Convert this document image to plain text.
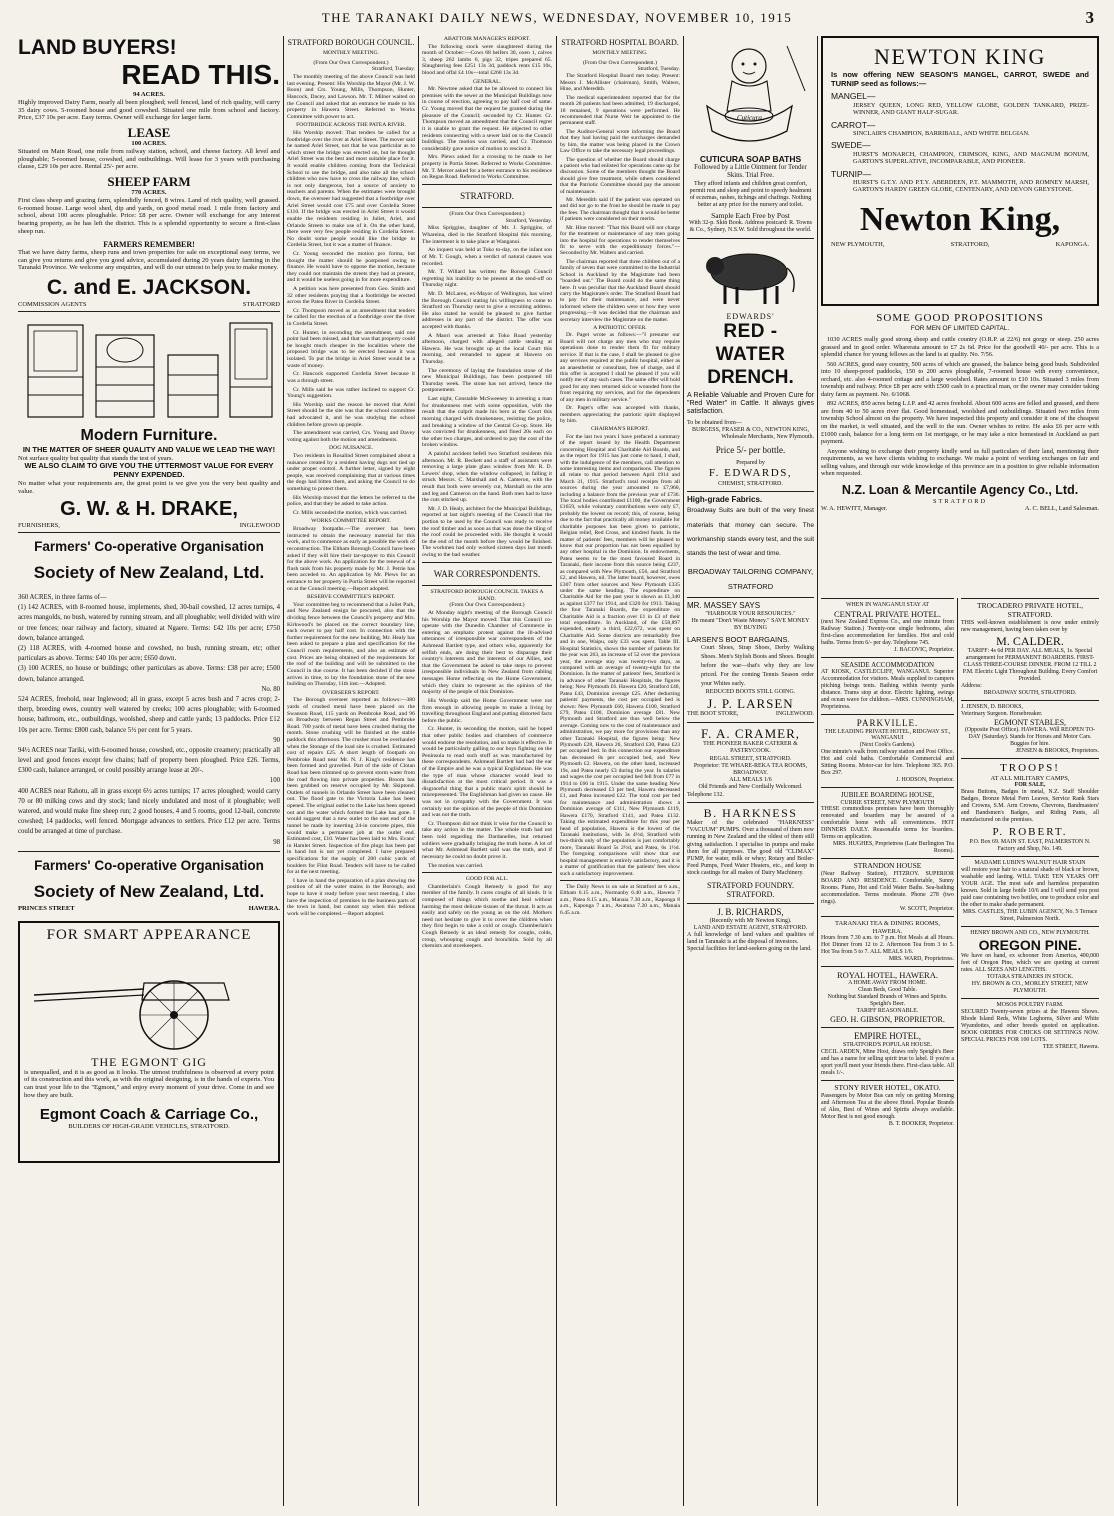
THE TARANAKI DAILY NEWS, WEDNESDAY, NOVEMBER 10, 1915	3
LAND BUYERS!
READ THIS.
94 ACRES.
Highly improved Dairy Farm, nearly all been ploughed; well fenced, land of rich quality, will carry 35 dairy cows. 5-roomed house and good cowshed. Situated one mile from school and factory. Price, £37 10s per acre. Easy terms. Owner will exchange for larger farm.
LEASE
100 ACRES.
Situated on Main Road, one mile from railway station, school, and cheese factory. All level and ploughable; 5-roomed house, cowshed, and outbuildings. Will lease for 3 years with purchasing clause, £29 10s per acre. Rental 25/- per acre.
SHEEP FARM
770 ACRES.
First class sheep and grazing farm, splendidly fenced, 8 wires. Land of rich quality, well grassed. 6-roomed house. Large wool shed, dip and yards, on good metal road. 1 mile from factory and school, about 100 acres ploughable. Price: £8 per acre. Owner will exchange for any interest bearing property, as he has left the district. This is a splendid opportunity to secure a first-class sheep run.
FARMERS REMEMBER!
That we have dairy farms, sheep runs and town properties for sale on exceptional easy terms, we can give you returns and give you good advice, accumulated during 20 years dairy farming in the Taranaki Province. We welcome any enquiries, and will do our utmost to help you to make money.
C. and E. JACKSON.
COMMISSION AGENTS	STRATFORD
Modern Furniture.
IN THE MATTER OF SHEER QUALITY AND VALUE WE LEAD THE WAY!
Not surface quality but quality that stands the test of years.
WE ALSO CLAIM TO GIVE YOU THE UTTERMOST VALUE FOR EVERY PENNY EXPENDED.
No matter what your requirements are, the great point is we give you the very best quality and value.
G. W. & H. DRAKE,
FURNISHERS,	INGLEWOOD
Farmers' Co-operative Organisation
Society of New Zealand, Ltd.
360 ACRES, in three farms of—
(1) 142 ACRES, with 8-roomed house, implements, shed, 30-bail cowshed, 12 acres turnips, 4 acres mangolds, no bush, watered by running stream, and all ploughable; well divided with wire or tree fences; near railway and factory, situated at Ngaere. Terms: £42 10s per acre; £750 down, balance arranged.
(2) 118 ACRES, with 4-roomed house and cowshed, no bush, running stream, etc; other particulars as above. Terms: £40 10s per acre; £650 down.
(3) 100 ACRES, no house or buildings; other particulars as above. Terms: £38 per acre; £500 down, balance arranged.
No. 80
524 ACRES, freehold, near Inglewood; all in grass, except 5 acres bush and 7 acres crop; 2-therp, breeding ewes, country well watered by creeks; 100 acres ploughable; with 6-roomed house, bathroom, etc., outbuildings, woolshed, sheep and cattle yards; 13 paddocks. Price £12 10s per acre. Terms: £800 cash, balance 5½ per cent for 5 years.
90
94½ ACRES near Tariki, with 6-roomed house, cowshed, etc., opposite creamery; practically all level and good fences except few chains; half of property been ploughed. Price £26. Terms, £300 cash, balance arranged, or could possibly arrange lease at 20/-.
100
400 ACRES near Rahotu, all in grass except 6½ acres turnips; 17 acres ploughed; would carry 70 or 80 milking cows and dry stock; land nicely undulated and most of it ploughable; well watered, and would make fine sheep run; 2 good houses, 4 and 5 rooms, good 12-bail, concrete cowshed; 14 paddocks, well fenced. Mortgage advances to settlers. Price £12 per acre. Terms could be arranged at time of purchase.
98
Farmers' Co-operative Organisation
Society of New Zealand, Ltd.
PRINCES STREET	HAWERA.
FOR SMART APPEARANCE
THE EGMONT GIG
is unequalled, and it is as good as it looks. The utmost truthfulness is observed at every point of its construction and this work, as with the original designing, is in the hands of experts. You can trust your life to the "Egmont," and enjoy every moment of your drive. Come in and see how they are built.
Egmont Coach & Carriage Co.,
BUILDERS OF HIGH-GRADE VEHICLES, STRATFORD.
STRATFORD BOROUGH COUNCIL.
MONTHLY MEETING.
(From Our Own Correspondent.)
Stratford, Tuesday.

The monthly meeting of the above Council was held last evening. Present: His Worship the Mayor (Mr. J. W. Boon) and Crs. Young, Mills, Thompson, Hunter, Hancock, Dacey, and Lawson. Mr. T. Milner waited on the Council and asked that an entrance be made to his property in Hawera Street. Referred to Works Committee with power to act.

FOOTBRIDGE ACROSS THE PATEA RIVER.

His Worship moved: That tenders be called for a footbridge over the river at Ariel Street. The mover said he named Ariel Street, not that he was particular as to which street the bridge was erected on, but he thought Ariel Street was the best and most suitable place for it. It would enable children coming from the Technical School to use the bridge, and also take all the school children who now have to cross the railway line, which is not only dangerous, but a source of anxiety to teachers and parents. When the estimates were brought down, the overseer had suggested that a footbridge over Ariel Street would cost £75 and over Cordelia Street £110. If the bridge was erected in Ariel Street it would enable the residents residing in Juliet, Ariel, and Orlando Streets to make use of it. On the other hand, there were very few people residing in Cordelia Street. No doubt some people would like the bridge in Cordelia Street, but it was a matter of finance.

Cr. Young seconded the motion pro forma, but thought the matter should be postponed owing to finance. He would have to oppose the motion, because they could not maintain the streets they had at present, and it would be useless going in for more expenditure.

A petition was here presented from Geo. Smith and 32 other residents praying that a footbridge be erected across the Patea River in Cordelia Street.

Cr. Thompson moved as an amendment that tenders be called for the erection of a footbridge over the river in Cordelia Street.

Cr. Hunter, in seconding the amendment, said one point had been missed, and that was that property could be bought much cheaper in the localities where the proposed bridge was to be erected because it was isolated. To put the bridge in Ariel Street would be a waste of money.

Cr. Hancock supported Cordelia Street because it was a through street.

Cr. Mills said he was rather inclined to support Cr. Young's suggestion.

His Worship said the reason he moved that Ariel Street should be the site was that the school committee had advocated it, and he was studying the school children before grown up people.

The amendment was carried, Crs. Young and Davey voting against both the motion and amendments.

DOG NUISANCE.

Two residents in Rosalind Street complained about a nuisance created by a resident having dogs not tied up under proper control. A further letter, signed by eight people, was received complaining that at various times the dogs had bitten them, and asking the Council to do something to protect them.

His Worship moved that the letters be referred to the police, and that they be asked to take action.

Cr. Mills seconded the motion, which was carried.

WORKS COMMITTEE REPORT.

Broadway footpaths.—The overseer has been instructed to obtain the necessary material for this work, and to commence as early as possible the work of reconstruction. The Eltham Borough Council have been asked if they will hire their tar-sprayer to this Council for the above work. An application for the renewal of a flush tank from his property made by Mr. J. Petrie has been acceded to. An application by Mr. Plews for an entrance to her property in Portia Street will be reported on at the Council meeting.—Report adopted.

RESERVE COMMITTEE'S REPORT.

Your committee beg to recommend that a Juliet Park, and New Zealand ensign be procured, also that the dividing fence between the Council's property and Mrs. Kirkwood's be placed on the correct boundary line, each owner to pay half cost. In connection with the further requirement for the new building, Mr. Healy has been asked to prepare a plan and specification for the Council room requirements, and also an estimate of cost. Prices are being obtained of the requirements for the roof of the building and will be submitted to the Council in due course. It has been decided if the stone arrives in time, to lay the foundation stone of the new building on Thursday, 11th inst.—Adopted.

OVERSEER'S REPORT.

The Borough overseer reported as follows:—380 yards of crushed metal have been placed on the Swanson Road, 115 yards on Pembroke Road, and 96 on Broadway between Regan Street and Pembroke Road. 700 yards of metal have been crushed during the month. Stone crushing will be finished at the stable paddock this afternoon. The crusher must be overhauled when the Stonage of the load site is crushed. Estimated cost of repairs £25. A short length of footpath on Pembroke Road near Mr. N. J. King's residence has been formed and gravelled. Part of the side of Clotan Road has been trimmed up to prevent storm water from the road flowing into private properties. Broom has been grubbed on reserve occupied by Mr. Skiptond. Outlets of tunnels in Orlando Street have been cleaned out. The flood gate to the Victoria Lake has been opened. The original outlet to the Lake has been opened out and the water which formed the Lake has gone. I would suggest that a new outlet to the east end of the tunnel be made by inserting 24-in concrete pipes, this would make a permanent job at the outlet end. Estimated cost, £10. Water has been laid to Mrs. Evans' in Hamlet Street. Inspection of fire plugs has been put in hand but is not yet completed. I have prepared specifications for the supply of 200 cubic yards of boulders for Flint Road. Tenders will have to be called for at the next meeting.

I have in hand the preparation of a plan showing the position of all the water mains in the Borough, and hope to have it ready before your next meeting. I also have the inspection of premises in the business parts of the town in hand, but cannot say when this tedious work will be completed.—Report adopted.

ABATTOIR MANAGER'S REPORT.

The following stock were slaughtered during the month of October:—Cows 68 heifers 30, oxen 1, calves 3, sheep 262 lambs 6, pigs 32, tripes prepared 65. Slaughtering fees £251 13s 3d, paddock rents £15 10s, blood and offal £4 10s—total £268 13s 3d.

GENERAL.

Mr. Newtree asked that he be allowed to connect his premises with the sewer at the Municipal Buildings now in course of erection, agreeing to pay half cost of same. Cr. Young moved that the request be granted during the pleasure of the Council; seconded by Cr. Hunter. Cr. Thompson moved an amendment that the Council regret it is unable to grant the request. He objected to other residents connecting with a sewer laid on to the Council buildings. The motion was carried, and Cr. Thomson considerably gave notice of motion to rescind it.

Mrs. Plews asked for a crossing to be made to her property in Portia Street. Referred to Works Committee. Mr. T. Mercer asked for a better entrance to his residence on Regan Road. Referred to Works Committee.

STRATFORD.
(From Our Own Correspondent.)
Stratford, Yesterday.

Miss Spriggins, daughter of Mr. J. Spriggins, of Whareina, died in the Stratford Hospital this morning. The interment is to take place at Wanganui.

An inquest was held at Toko to-day, on the infant son of Mr. T. Gough, when a verdict of natural causes was recorded.

Mr. T. Willard has written the Borough Council regretting his inability to be present at the send-off on Thursday night.

Mr. D. McLaren, ex-Mayor of Wellington, has wired the Borough Council stating his willingness to come to Stratford on Thursday next to give a recruiting address. He also stated he would be pleased to give further addresses in any part of the district. The offer was accepted with thanks.

A Maori was arrested at Toko Road yesterday afternoon, charged with alleged cattle stealing at Hawera. He was brought up at the local Court this morning, and remanded to appear at Hawera on Thursday.

The ceremony of laying the foundation stone of the new Municipal Buildings, has been postponed till Thursday week. The stone has not arrived, hence the postponement.

Last night, Constable McSweeney in arresting a man for drunkenness met with some opposition, with the result that the culprit made his hero at the Court this morning charged with drunkenness, resisting the police, and breaking a window of the Central Co-op. Store. He was convicted for drunkenness, and fined 20s each on the other two charges, and ordered to pay the cost of the broken window.

A painful accident befell two Stratford residents this afternoon. Mr. R. Beckett and a staff of assistants were removing a large plate glass window from Mr. R. D. Lewers' shop, when the window collapsed, in falling it struck Messrs. C. Marshall and A. Cameron, with the result that both were severely cut, Marshall on the arm and leg and Cameron on the hand. Both men had to have the cuts stitched up.

Mr. J. D. Healy, architect for the Municipal Buildings, reported at last night's meeting of the Council that the portion to be used by the Council was ready to receive the roof timber and as soon as that was done the tiling of the roof could be proceeded with. He thought it would be the end of the month before they would be finished. The workmen had only worked sixteen days last month owing to the bad weather.

WAR CORRESPONDENTS.
STRATFORD BOROUGH COUNCIL TAKES A HAND.
(From Our Own Correspondent.)

At Monday night's meeting of the Borough Council his Worship the Mayor moved: That this Council co-operate with the Dunedin Chamber of Commerce in entering an emphatic protest against the ill-advised utterances of irresponsible war correspondents of the Ashmead Bartlett type, and others who, apparently for selfish ends, are doing their best to disparage their country's interests and the interests of our Allies, and that the Government be asked to take steps to prevent irresponsible individuals in New Zealand from cabling messages Home reflecting on the Home Government, which they claim to represent as the opinion of the majority of the people of this Dominion.

His Worship said the Home Government were not firm enough in allowing people to make a living by travelling throughout England and putting distorted facts before the public.

Cr. Hunter, in seconding the motion, said he hoped that other public bodies and chambers of commerce would endorse the resolution, and so make it effective. It would be particularly galling to our boys fighting on the Peninsula to read such stuff as was manufactured by these correspondents. Ashmead Bartlett had had the ear of the Empire and he was a typical Englishman. He was the type of man whose character would lead to dissatisfaction at the most critical period. It was a disgraceful thing that a public man's spirit should be misrepresented. The Englishman had given no cause. He was not in sympathy with the Government. It was certainly not the opinion of the people of this Dominion and was not the truth.

Cr. Thompson did not think it wise for the Council to take any action in the matter. The whole truth had not been told regarding the Dardanelles, but returned soldiers were gradually bringing the truth home. A lot of what Mr. Ashmead Bartlett said was the truth, and if necessary he could no doubt prove it.

The motion was carried.

GOOD FOR ALL.

Chamberlain's Cough Remedy is good for any member of the family. It cures coughs of all kinds. It is composed of things which soothe and heal without harming the most delicate tissues of the throat. It acts as easily and safely on the young as on the old. Mothers need not hesitate to give it to cover the children when they first begin to take a cold or cough. Chamberlain's Cough Remedy is an ideal remedy for coughs, colds, croup, whooping cough and bronchitis. Sold by all chemists and storekeepers.

STRATFORD HOSPITAL BOARD.
MONTHLY MEETING.
(From Our Own Correspondent.)
Stratford, Tuesday.

The Stratford Hospital Board met today. Present: Messrs J. McAllister (chairman), Smith, Walters, Hine, and Meredith.

The medical superintendent reported that for the month 28 patients had been admitted, 19 discharged, 18 remained, 9 operations were performed. He recommended that Nurse Weir be appointed to the permanent staff.

The Auditor-General wrote informing the Board that they had having paid the surcharges demanded by him, the matter was being placed in the Crown Law Office to take the necessary legal proceedings.

The question of whether the Board should charge a patient who had enlisted for operations came up for discussion. Some of the members thought the Board should give free treatment, while others considered that the Patriotic Committee should pay the amount of maintenance.

Mr. Meredith said if the patient was operated on and did not go to the front he should be made to pay the fees. The chairman thought that it would be better if patients were considered on their merits.

Mr. Hine moved: "That this Board will not charge for the treatment or maintenance of any men going into the hospital for operations to render themselves fit to serve with the expeditionary forces."—Seconded by Mr. Walters and carried.

The chairman reported that three children out of a family of seven that were committed to the Industrial School in Auckland by the Magistrate had been "boarded out." The Board could do the same thing here. It was peculiar that the Auckland Board should carry the Magistrate's order. The Stratford Board had to pay for their maintenance, and were never informed where the children were or how they were progressing.—It was decided that the chairman and secretary interview the Magistrate on the matter.

A PATRIOTIC OFFER.

Dr. Paget wrote as follows:—"I presume our Board will not charge any men who may require operations done to render them fit for military service. If that is the case, I shall be pleased to give any services required at the public hospital, either as an anaesthetist or consultant, free of charge, and if this offer is accepted I shall be pleased if you will notify me of any such cases. The same offer will hold good for any men returned sick or wounded from the front requiring my services, and for the dependents of any men in military service."

Dr. Paget's offer was accepted with thanks, members appreciating the patriotic spirit displayed by him.

CHAIRMAN'S REPORT.

For the last two years I have prefaced a summary of the report issued by the Health Department concerning Hospital and Charitable Aid Boards, and as the report for 1915 has just come to hand, I shall, with the indulgence of the members, call attention to some interesting items and comparisons. The figures all relate to that period between April 1914 and March 31, 1915. Stratford's total receipts from all sources during the year amounted to £7,960, including a balance from the previous year of £736. The local bodies contributed £1100, the Government £1659, while voluntary contributions were only £7, probably the lowest on record; this, of course, being due to the fact that practically all money available for charitable purposes has been given to patriotic, Belgian relief, Red Cross, and kindred funds. In the matter of patients' fees, members will be pleased to know that our proportion has not been equalled by any other hospital in the Dominion. In endowments, Patea seems to be the most favoured Board in Taranaki, their income from this source being £237, as compared with New Plymouth, £56, and Stratford £2, and Hawera, nil. The latter board, however, owes £307 from other sources and New Plymouth £335 under the same heading. The expenditure on Charitable Aid for the past year is shown as £1,340 as against £377 for 1914, and £320 for 1913. Taking the four Taranaki Boards, the expenditure on Charitable Aid is a fraction over £1 in £3 of their total expenditure. In Auckland, of the £58,897 expended, nearly a third, £22,672, was spent on Charitable Aid. Some districts are remarkably free and in one, Waipu, only £33 was spent. Table III. Hospital Statistics, shows the number of patients for the year was 263, an increase of 52 over the previous year, the average stay was twenty-two days, as compared with an average of twenty-eight for the Dominion. In the matter of patients' fees, Stratford is in advance of other Taranaki Hospitals, the figures being: New Plymouth £6. Hawera £20, Stratford £48, Patea £43, Dominion average £25. After deducting patients' payments, the cost per occupied bed is shown: New Plymouth £60, Hawera £100, Stratford £79, Patea £100, Dominion average £81. New Plymouth and Stratford are thus well below the average. Coming now to the cost of maintenance and administration, we pay more for provisions than any other Taranaki Hospital, the figures being: New Plymouth £28, Hawera 26, Stratford £30, Patea £23 per occupied bed. In this connection our expenditure has decreased 8s per occupied bed, and New Plymouth £2. Hawera, on the other hand, increased 19s, and Patea nearly £3 during the year. In salaries and wages the cost per occupied bed fell from £77 in 1914 to £66 in 1915. Under the same heading New Plymouth decreased £3 per bed, Hawera decreased £1, and Patea increased £22. The total cost per bed for maintenance and administration shows a Dominion average of £111, New Plymouth £119, Hawera £170, Stratford £141, and Patea £132. Taking the estimated expenditure for this year per head of population, Hawera is the lowest of the Taranaki institutions, with 3s 4½d, Stratford with two-thirds only of the population is just comfortably more, Taranaki Board 5s 2½d, and Patea, 6s 1½d. The foregoing comparisons will show that our hospital management is entirely satisfactory, and it is a matter of gratification that the patients' fees show such a satisfactory improvement.

The Daily News is on sale at Stratford at 6 a.m., Eltham 6.15 a.m., Normanby 6.40 a.m., Hawera 7 a.m., Patea 8.15 a.m., Manaia 7.30 a.m., Kaponga 8 a.m., Kaponga 7 a.m., Awatuna 7.20 a.m., Manaia 6.45 a.m.

Cuticura
CUTICURA SOAP BATHS
Followed by a Little Ointment for Tender Skins. Trial Free.
They afford infants and children great comfort, permit rest and sleep and point to speedy healment of eczemas, rashes, itchings and chafings. Nothing better at any price for the nursery and toilet.
Sample Each Free by Post
With 32-p. Skin Book. Address postcard: R. Towns & Co., Sydney, N.S.W. Sold throughout the world.
EDWARDS'
RED - WATER
DRENCH.
A Reliable Valuable and Proven Cure for "Red Water" in Cattle. It always gives satisfaction.
To be obtained from—
BURGESS, FRASER & CO., NEWTON KING,
Wholesale Merchants, New Plymouth.
Price 5/- per bottle.
Prepared by
F. EDWARDS,
CHEMIST, STRATFORD.
High-grade Fabrics.
Broadway Suits are built of the very finest materials that money can secure. The workmanship stands every test, and the suit stands the test of wear and time.
BROADWAY TAILORING COMPANY, STRATFORD
MR. MASSEY SAYS
"HARBOUR YOUR RESOURCES."
He meant "Don't Waste Money." SAVE MONEY BY BUYING
LARSEN'S BOOT BARGAINS.
Court Shoes, Strap Shoes, Derby Walking Shoes. Men's Stylish Boots and Shoes. Bought before the war—that's why they are low priced. For the coming Tennis Season order your Whites early.
REDUCED BOOTS STILL GOING.
J. P. LARSEN
THE BOOT STORE,	INGLEWOOD.
F. A. CRAMER,
THE PIONEER BAKER CATERER & PASTRYCOOK.
REGAL STREET, STRATFORD.
Proprietor: TE WHARE-REKA TEA ROOMS, BROADWAY.
ALL MEALS 1/6
Old Friends and New Cordially Welcomed.
Telephone 132.
B. HARKNESS
Maker of the celebrated "HARKNESS" "VACUUM" PUMPS. Over a thousand of them now running in New Zealand and the oldest of them still giving satisfaction. I specialise in pumps and make them for all purposes. The good old "CLIMAX" PUMP, for water, milk or whey; Rotary and Boiler-Feed Pumps, Feed Water Heaters, etc., and keep in stock castings for all makes of Dairy Machinery.
STRATFORD FOUNDRY. STRATFORD.
J. B. RICHARDS,
(Recently with Mr Newton King).
LAND AND ESTATE AGENT, STRATFORD.
A full knowledge of land values and qualities of land in Taranaki is at the disposal of investors.
Special facilities for land-seekers going on the land.
NEWTON KING
Is now offering NEW SEASON'S MANGEL, CARROT, SWEDE and TURNIP seed as follows:—
MANGEL—
JERSEY QUEEN, LONG RED, YELLOW GLOBE, GOLDEN TANKARD, PRIZE-WINNER, AND GIANT HALF-SUGAR.
CARROT—
SINCLAIR'S CHAMPION, BARRIBALL, AND WHITE BELGIAN.
SWEDE—
HURST'S MONARCH, CHAMPION, CRIMSON, KING, AND MAGNUM BONUM, GARTON'S SUPERLATIVE, INCOMPARABLE, AND PIONEER.
TURNIP—
HURST'S G.T.Y. AND P.T.Y. ABERDEEN, P.T. MAMMOTH, AND ROMNEY MARSH, GARTON'S HARDY GREEN GLOBE, CENTENARY, AND DEVON GREYSTONE.
Newton King,
NEW PLYMOUTH,	STRATFORD,	KAPONGA.
SOME GOOD PROPOSITIONS
FOR MEN OF LIMITED CAPITAL.

1030 ACRES really good strong sheep and cattle country (O.R.P. at 22/6) not gorgy or steep. 250 acres grassed and in good order. Wharerata amount to £7 2s 6d. Price for the goodwill 40/- per acre. This is a splendid chance for young fellows as the land is at quality. No. 7/56.

560 ACRES, good easy country, 500 acres of which are grassed, the balance being good bush. Subdivided into 10 sheep-proof paddocks, 150 to 200 acres ploughable, 7-roomed house with every convenience, orchard, etc. also 4-roomed cottage and a large woolshed. Rates amount to £10 10s. Situated 3 miles from township and railway. Price £8 per acre with £500 cash to a practical man, or the owner may consider taking dairy farm as payment. No. 6/1068.

892 ACRES, 850 acres being L.I.P. and 42 acres freehold. About 600 acres are felled and grassed, and there are from 40 to 50 acres river flat. Good homestead, woolshed and outbuildings. Situated two miles from township School almost on the property. We have inspected this property and consider it one of the cheapest on the market, is well situated, and the well to the sun. Owner wishes to retire. He asks £6 per acre with £1000 cash, balance for a long term on 1st mortgage, or he may take a nice homestead in Auckland as part payment.

Anyone wishing to exchange their property kindly send us full particulars of their land, mentioning their requirements, as we have clients wishing to exchange. We make a point of working exchanges on fair and selling values, and through our wide knowledge of this province are in a position to give reliable information when requested.

N.Z. Loan & Mercantile Agency Co., Ltd.
STRATFORD
W. A. HEWITT, Manager.	A. C. BELL, Land Salesman.
WHEN IN WANGANUI STAY AT
CENTRAL PRIVATE HOTEL.
(next New Zealand Express Co., and one minute from Railway Station.) Twenty-one single bedrooms, also first-class accommodation for families. Hot and cold baths. Terms from 6/- per day. Telephone 745.
J. BACOVIC, Proprietor.
SEASIDE ACCOMMODATION
AT KIOSK, CASTLECLIFF, WANGANUI. Superior Accommodation for visitors. Meals supplied to campers pitching beings tents. Bathing within twenty yards distance. Trams stop at door. Electric lighting, swings and ocean wave for children.—MRS. CUNNINGHAM, Proprietress.
PARKVILLE.
THE LEADING PRIVATE HOTEL, RIDGWAY ST., WANGANUI
(Next Cook's Gardens).
One minute's walk from railway station and Post Office. Hot and cold baths. Comfortable Commercial and Sitting Rooms. Motor-car for hire. Telephone 365. P.O. Box 297.
J. HODSON, Proprietor.
JUBILEE BOARDING HOUSE,
CURRIE STREET, NEW PLYMOUTH
THESE commodious premises have been thoroughly renovated and boarders may be assured of a comfortable home with all conveniences. HOT DINNERS DAILY. Reasonable terms for boarders. Terms on application.
MRS. HUGHES, Proprietress (Late Burlington Tea Rooms).
STRANDON HOUSE
(Near Railway Station), FITZROY. SUPERIOR BOARD AND RESIDENCE. Comfortable, Sunny Rooms. Piano, Hot and Cold Water Baths. Sea-bathing accommodation. Terms moderate. Phone 278 (two rings).
W. SCOTT, Proprietor.
TARANAKI TEA & DINING ROOMS, HAWERA.
Hours from 7.30 a.m. to 7 p.m. Hot Meals at all Hours. Hot Dinner from 12 to 2. Afternoon Tea from 3 to 5. Hot Tea from 5 to 7. ALL MEALS 1/6.
MRS. WARD, Proprietress.
ROYAL HOTEL, HAWERA.
A HOME AWAY FROM HOME.
Clean Beds, Good Table.
Nothing but Standard Brands of Wines and Spirits.
Speight's Beer.
TARIFF REASONABLE.
GEO. H. GIBSON, PROPRIETOR.
EMPIRE HOTEL,
STRATFORD'S POPULAR HOUSE.
CECIL ARDEN, Mine Host, draws only Speight's Beer and has a name for selling spirit true to label. If you're a sport you'll meet your friends there. First-class table. All meals 1/-.
STONY RIVER HOTEL, OKATO.
Passengers by Motor Bus can rely on getting Morning and Afternoon Tea at the above Hotel. Popular Brands of Ales, Best of Wines and Spirits always available. Motor Best is not good enough.
B. T. BOOKER, Proprietor.
TROCADERO PRIVATE HOTEL, STRATFORD.
THIS well-known establishment is now under entirely new management, having been taken over by
M. CALDER.
TARIFF: 4s 6d PER DAY. ALL MEALS, 1s. Special arrangement for PERMANENT BOARDERS. FIRST-CLASS THREE-COURSE DINNER. FROM 12 TILL 2 P.M. Electric Light Throughout Building. Every Comfort Provided.
Address:
BROADWAY SOUTH, STRATFORD.
J. JENSEN, D. BROOKS,
Veterinary Surgeon. Horsebreaker.
EGMONT STABLES,
(Opposite Post Office). HAWERA. Will REOPEN TO-DAY (Saturday). Stands for Horses and Motor Cars. Buggies for hire.
JENSEN & BROOKS, Proprietors.
TROOPS!
AT ALL MILITARY CAMPS,
FOR SALE,
Brass Buttons, Badges in metal, N.Z. Staff Shoulder Badges, Bronze Metal Fern Leaves, Service Rank Stars and Crowns, S.M. Arm Crowns, Chevrons, Bandmasters' and Bandsmen's Badges, and Riding Pants, all manufactured on the premises.
P. ROBERT.
P.O. Box 69. MAIN ST. EAST, PALMERSTON N. Factory and Shop, No. 149.
MADAME LUBIN'S WALNUT HAIR STAIN
will restore your hair to a natural shade of black or brown, washable and lasting. WILL TAKE TEN YEARS OFF YOUR AGE. The most safe and harmless preparation known. Sold in large bottle 10/6 and I will send you post paid case containing two bottles, one to produce color and the other to make shade permanent.
MRS. CASTLES, THE LUBIN AGENCY, No. 5 Terrace Street, Palmerston North.
HENRY BROWN AND CO., NEW PLYMOUTH.
OREGON PINE.
We have on hand, ex schooner from America, 400,000 feet of Oregon Pine, which we are quoting at current rates. ALL SIZES AND LENGTHS.
TOTARA STRAINERS IN STOCK.
HY. BROWN & CO., MORLEY STREET, NEW PLYMOUTH.
MOSOS POULTRY FARM.
SECURED Twenty-seven prizes at the Hawera Shows. Rhode Island Reds, White Leghorns, Silver and White Wyandottes, and other breeds quoted on application. BOOK ORDERS FOR CHICKS OR SETTINGS NOW. SPECIAL PRICES FOR 100 LOTS.
TEE STREET, Hawera.
